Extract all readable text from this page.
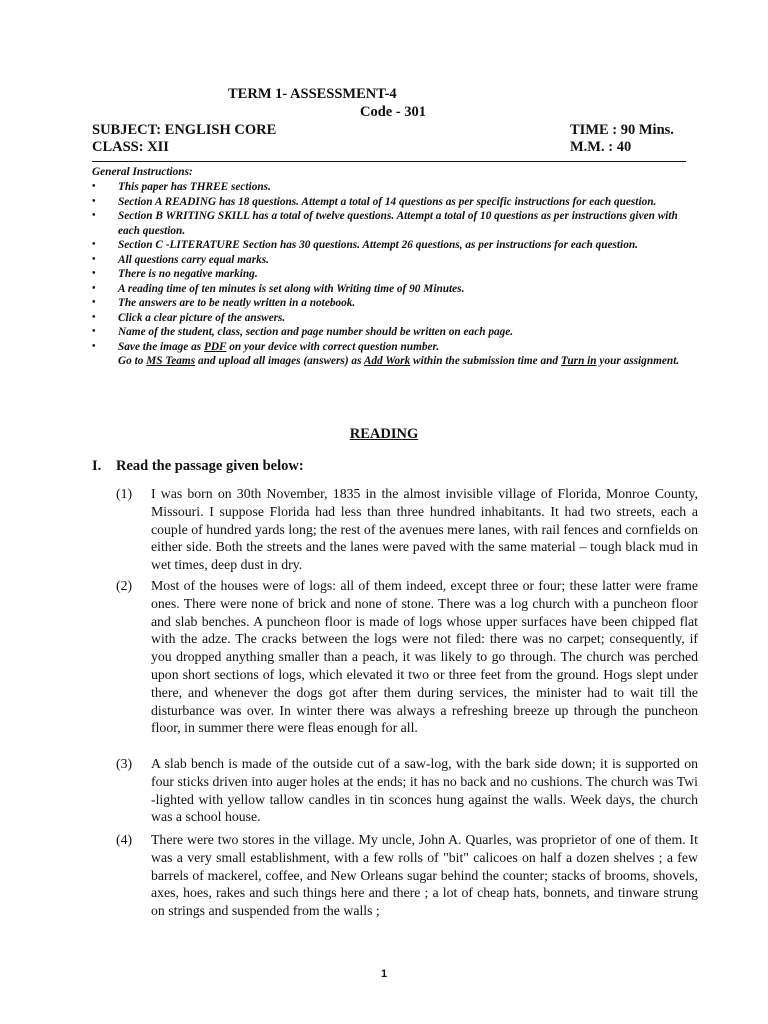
TERM 1- ASSESSMENT-4
Code - 301
SUBJECT: ENGLISH CORE	TIME : 90 Mins.
CLASS: XII	M.M. : 40
General Instructions:
• This paper has THREE sections.
• Section A READING has 18 questions. Attempt a total of 14 questions as per specific instructions for each question.
• Section B WRITING SKILL has a total of twelve questions. Attempt a total of 10 questions as per instructions given with each question.
• Section C -LITERATURE Section has 30 questions. Attempt 26 questions, as per instructions for each question.
• All questions carry equal marks.
• There is no negative marking.
• A reading time of ten minutes is set along with Writing time of 90 Minutes.
• The answers are to be neatly written in a notebook.
• Click a clear picture of the answers.
• Name of the student, class, section and page number should be written on each page.
• Save the image as PDF on your device with correct question number.
Go to MS Teams and upload all images (answers) as Add Work within the submission time and Turn in your assignment.
READING
I. Read the passage given below:
(1) I was born on 30th November, 1835 in the almost invisible village of Florida, Monroe County, Missouri. I suppose Florida had less than three hundred inhabitants. It had two streets, each a couple of hundred yards long; the rest of the avenues mere lanes, with rail fences and cornfields on either side. Both the streets and the lanes were paved with the same material – tough black mud in wet times, deep dust in dry.
(2) Most of the houses were of logs: all of them indeed, except three or four; these latter were frame ones. There were none of brick and none of stone. There was a log church with a puncheon floor and slab benches. A puncheon floor is made of logs whose upper surfaces have been chipped flat with the adze. The cracks between the logs were not filed: there was no carpet; consequently, if you dropped anything smaller than a peach, it was likely to go through. The church was perched upon short sections of logs, which elevated it two or three feet from the ground. Hogs slept under there, and whenever the dogs got after them during services, the minister had to wait till the disturbance was over. In winter there was always a refreshing breeze up through the puncheon floor, in summer there were fleas enough for all.
(3) A slab bench is made of the outside cut of a saw-log, with the bark side down; it is supported on four sticks driven into auger holes at the ends; it has no back and no cushions. The church was Twi -lighted with yellow tallow candles in tin sconces hung against the walls. Week days, the church was a school house.
(4) There were two stores in the village. My uncle, John A. Quarles, was proprietor of one of them. It was a very small establishment, with a few rolls of "bit" calicoes on half a dozen shelves ; a few barrels of mackerel, coffee, and New Orleans sugar behind the counter; stacks of brooms, shovels, axes, hoes, rakes and such things here and there ; a lot of cheap hats, bonnets, and tinware strung on strings and suspended from the walls ;
1
